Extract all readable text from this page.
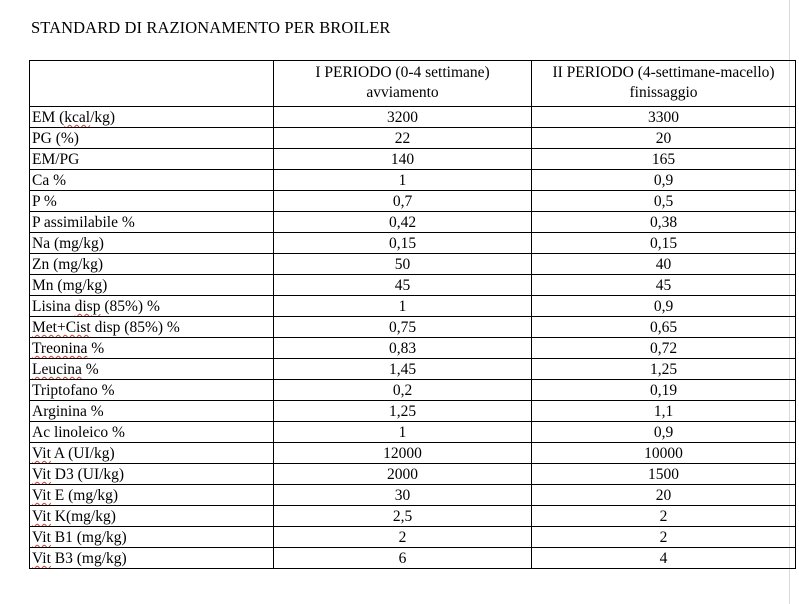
STANDARD DI RAZIONAMENTO PER BROILER
	I PERIODO (0-4 settimane) avviamento	II PERIODO (4-settimane-macello) finissaggio
EM (kcal/kg)	3200	3300
PG (%)	22	20
EM/PG	140	165
Ca %	1	0,9
P %	0,7	0,5
P assimilabile %	0,42	0,38
Na (mg/kg)	0,15	0,15
Zn (mg/kg)	50	40
Mn (mg/kg)	45	45
Lisina disp (85%) %	1	0,9
Met+Cist disp (85%) %	0,75	0,65
Treonina %	0,83	0,72
Leucina %	1,45	1,25
Triptofano %	0,2	0,19
Arginina %	1,25	1,1
Ac linoleico %	1	0,9
Vit A (UI/kg)	12000	10000
Vit D3 (UI/kg)	2000	1500
Vit E (mg/kg)	30	20
Vit K(mg/kg)	2,5	2
Vit B1 (mg/kg)	2	2
Vit B3 (mg/kg)	6	4
